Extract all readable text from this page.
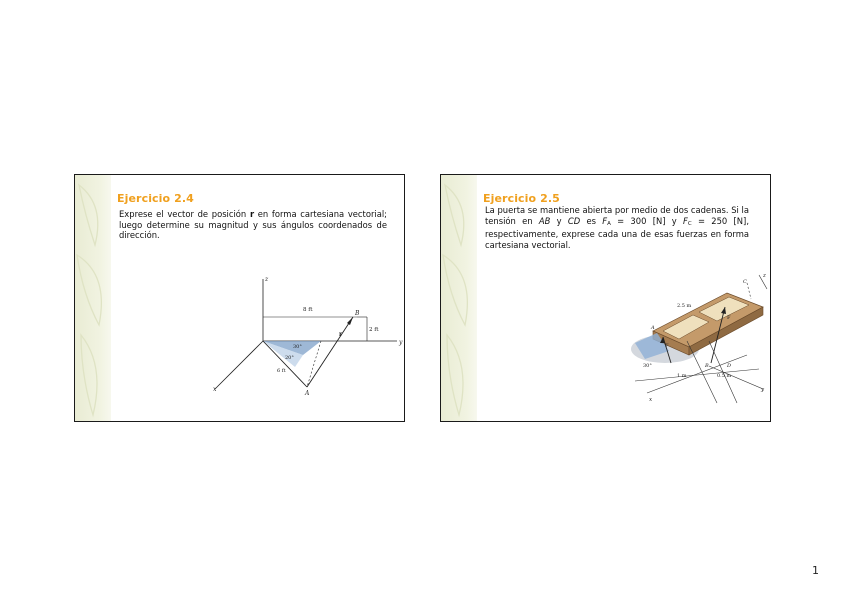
Ejercicio 2.4

Exprese el vector de posición r en forma cartesiana vectorial; luego determine su magnitud y sus ángulos coordenados de dirección.

z
y
x
8 ft
2 ft
B
r
30°
20°
6 ft
A
Ejercicio 2.5

La puerta se mantiene abierta por medio de dos cadenas. Si la tensión en AB y CD es $F_A = 300$ [N] y $F_C = 250$ [N], respectivamente, exprese cada una de esas fuerzas en forma cartesiana vectorial.

C
2.5 m
A
F
F
30°
1 m	0.5 m
B	D
y
x
z
1
